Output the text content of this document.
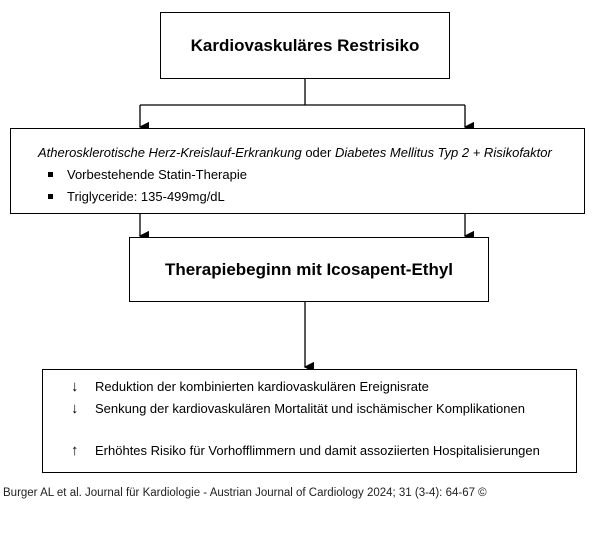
Kardiovaskuläres Restrisiko
Atherosklerotische Herz-Kreislauf-Erkrankung oder Diabetes Mellitus Typ 2 + Risikofaktor
Vorbestehende Statin-Therapie
Triglyceride: 135-499mg/dL
Therapiebeginn mit Icosapent-Ethyl
↓	Reduktion der kombinierten kardiovaskulären Ereignisrate
↓	Senkung der kardiovaskulären Mortalität und ischämischer Komplikationen
↑	Erhöhtes Risiko für Vorhofflimmern und damit assoziierten Hospitalisierungen
Burger AL et al. Journal für Kardiologie - Austrian Journal of Cardiology 2024; 31 (3-4): 64-67 ©
